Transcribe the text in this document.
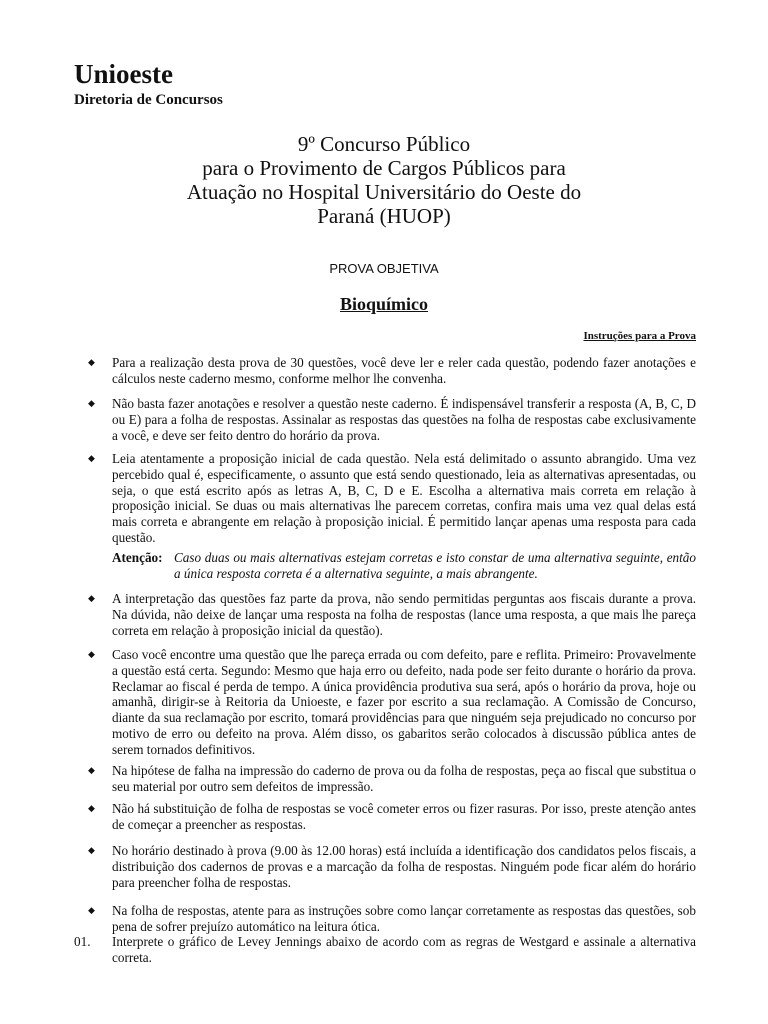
Unioeste
Diretoria de Concursos
9º Concurso Público
para o Provimento de Cargos Públicos para
Atuação no Hospital Universitário do Oeste do
Paraná (HUOP)
PROVA OBJETIVA
Bioquímico
Instruções para a Prova
◆ Para a realização desta prova de 30 questões, você deve ler e reler cada questão, podendo fazer anotações e cálculos neste caderno mesmo, conforme melhor lhe convenha.

◆ Não basta fazer anotações e resolver a questão neste caderno. É indispensável transferir a resposta (A, B, C, D ou E) para a folha de respostas. Assinalar as respostas das questões na folha de respostas cabe exclusivamente a você, e deve ser feito dentro do horário da prova.

◆ Leia atentamente a proposição inicial de cada questão. Nela está delimitado o assunto abrangido. Uma vez percebido qual é, especificamente, o assunto que está sendo questionado, leia as alternativas apresentadas, ou seja, o que está escrito após as letras A, B, C, D e E. Escolha a alternativa mais correta em relação à proposição inicial. Se duas ou mais alternativas lhe parecem corretas, confira mais uma vez qual delas está mais correta e abrangente em relação à proposição inicial. É permitido lançar apenas uma resposta para cada questão.

Atenção: Caso duas ou mais alternativas estejam corretas e isto constar de uma alternativa seguinte, então a única resposta correta é a alternativa seguinte, a mais abrangente.
◆ A interpretação das questões faz parte da prova, não sendo permitidas perguntas aos fiscais durante a prova. Na dúvida, não deixe de lançar uma resposta na folha de respostas (lance uma resposta, a que mais lhe pareça correta em relação à proposição inicial da questão).

◆ Caso você encontre uma questão que lhe pareça errada ou com defeito, pare e reflita. Primeiro: Provavelmente a questão está certa. Segundo: Mesmo que haja erro ou defeito, nada pode ser feito durante o horário da prova. Reclamar ao fiscal é perda de tempo. A única providência produtiva sua será, após o horário da prova, hoje ou amanhã, dirigir-se à Reitoria da Unioeste, e fazer por escrito a sua reclamação. A Comissão de Concurso, diante da sua reclamação por escrito, tomará providências para que ninguém seja prejudicado no concurso por motivo de erro ou defeito na prova. Além disso, os gabaritos serão colocados à discussão pública antes de serem tornados definitivos.

◆ Na hipótese de falha na impressão do caderno de prova ou da folha de respostas, peça ao fiscal que substitua o seu material por outro sem defeitos de impressão.

◆ Não há substituição de folha de respostas se você cometer erros ou fizer rasuras. Por isso, preste atenção antes de começar a preencher as respostas.

◆ No horário destinado à prova (9.00 às 12.00 horas) está incluída a identificação dos candidatos pelos fiscais, a distribuição dos cadernos de provas e a marcação da folha de respostas. Ninguém pode ficar além do horário para preencher folha de respostas.

◆ Na folha de respostas, atente para as instruções sobre como lançar corretamente as respostas das questões, sob pena de sofrer prejuízo automático na leitura ótica.

01. Interprete o gráfico de Levey Jennings abaixo de acordo com as regras de Westgard e assinale a alternativa correta.
